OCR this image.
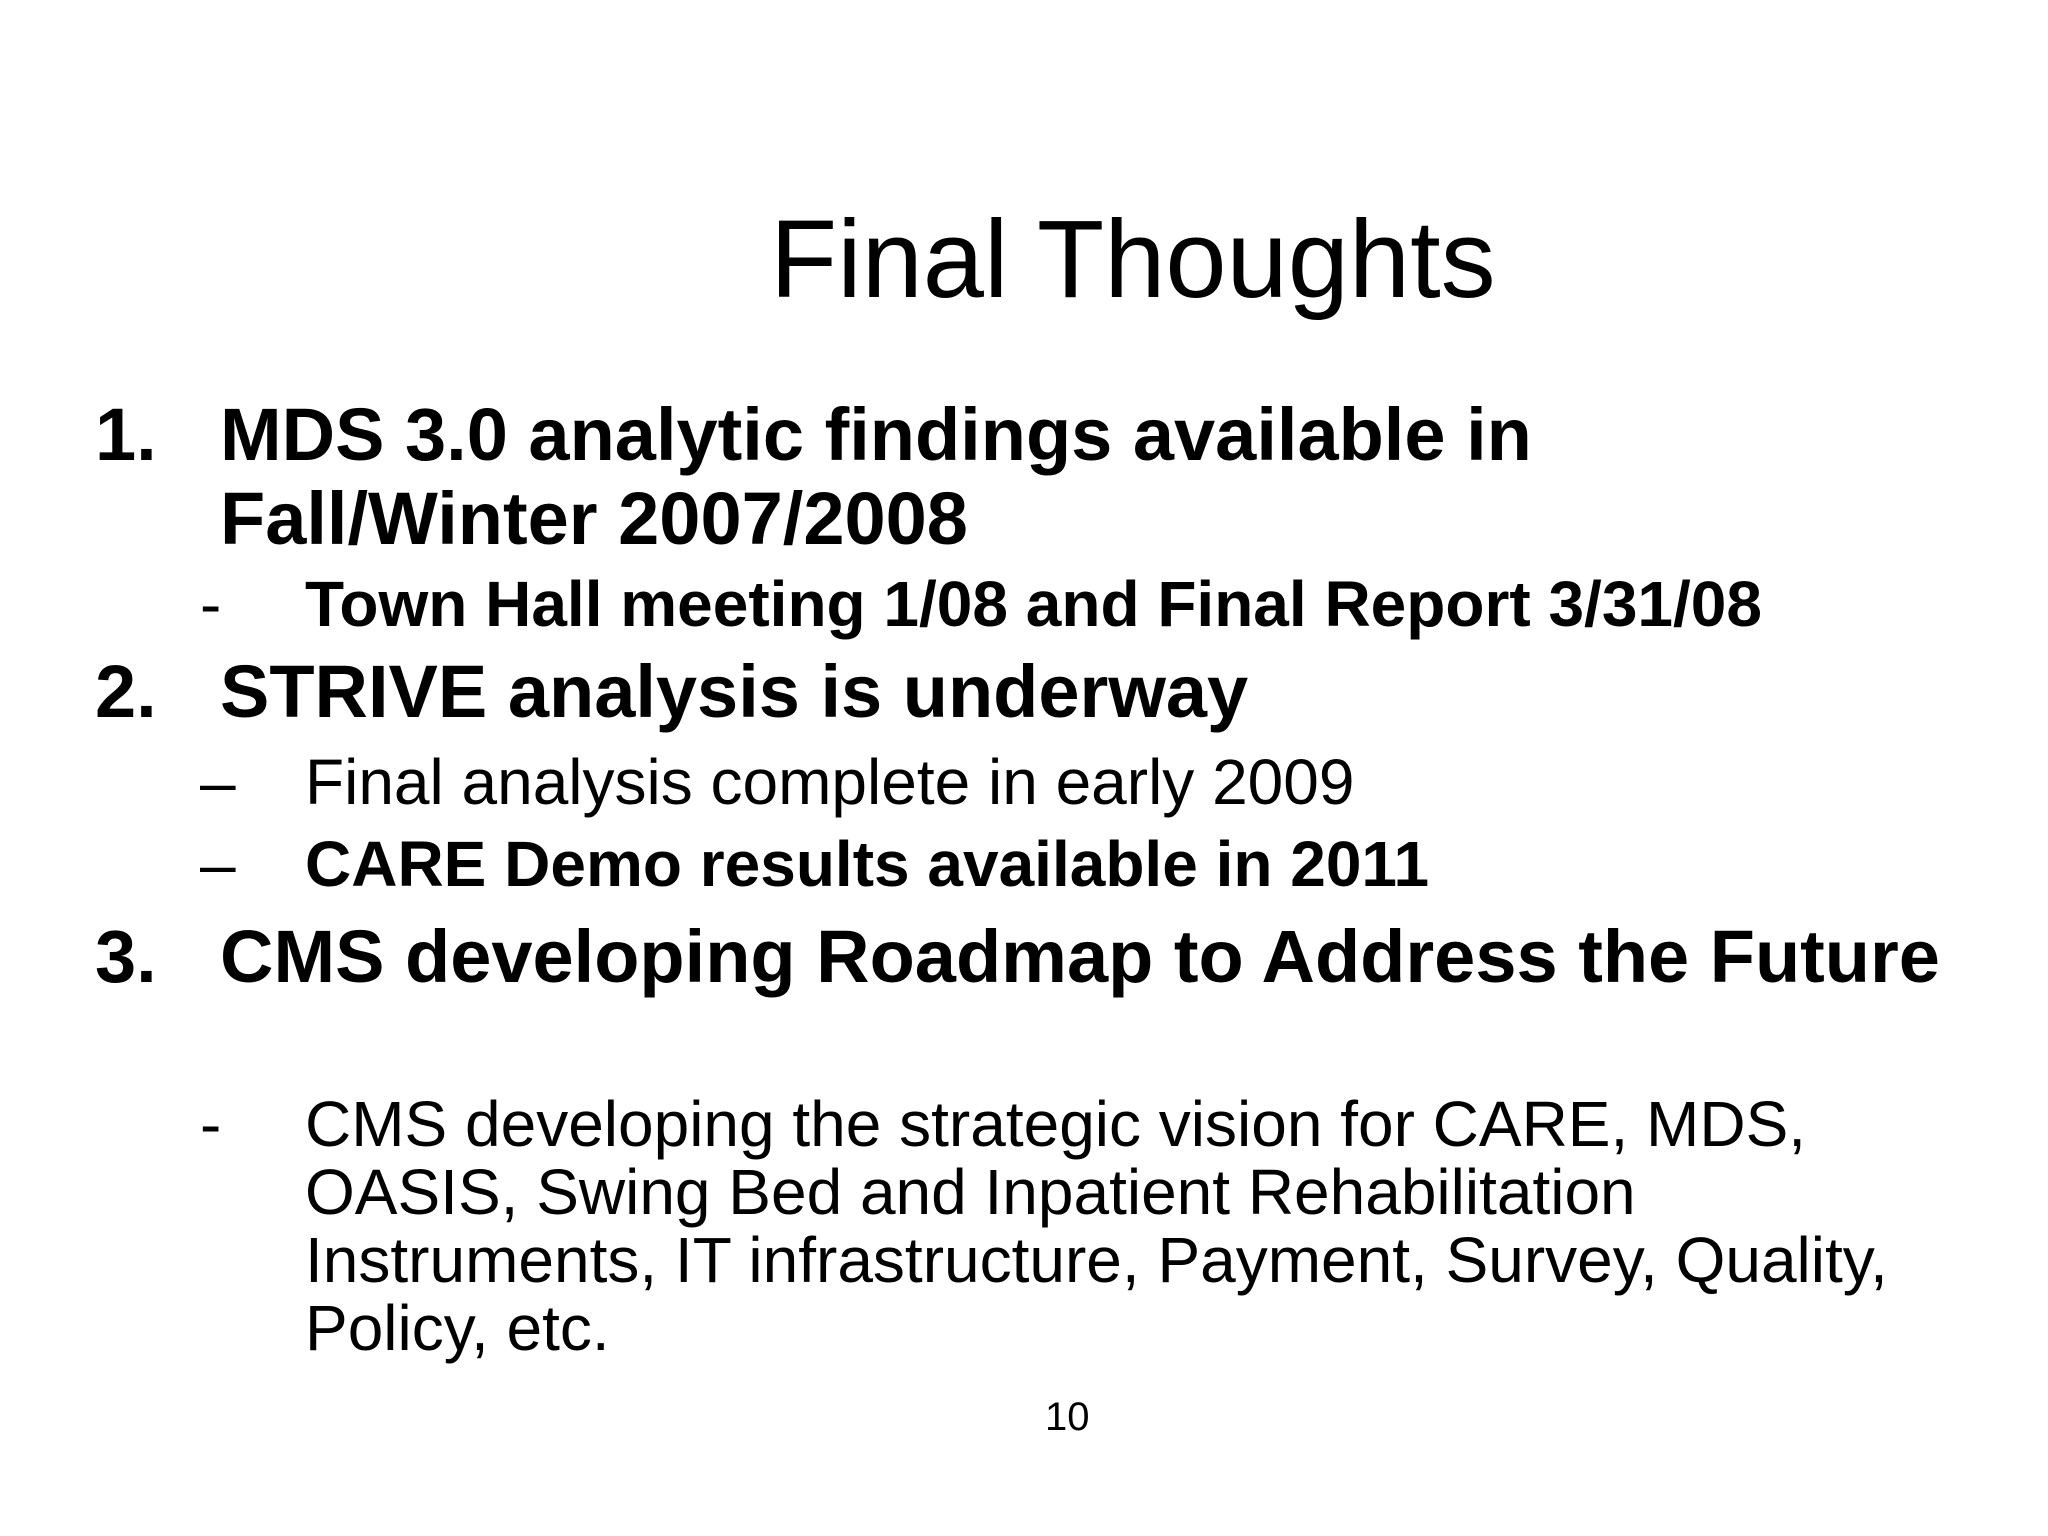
Final Thoughts
1. MDS 3.0 analytic findings available in Fall/Winter 2007/2008
- Town Hall meeting 1/08 and Final Report 3/31/08
2. STRIVE analysis is underway
– Final analysis complete in early 2009
– CARE Demo results available in 2011
3. CMS developing Roadmap to Address the Future
- CMS developing the strategic vision for CARE, MDS, OASIS, Swing Bed and Inpatient Rehabilitation Instruments, IT infrastructure, Payment, Survey, Quality, Policy, etc.
10
